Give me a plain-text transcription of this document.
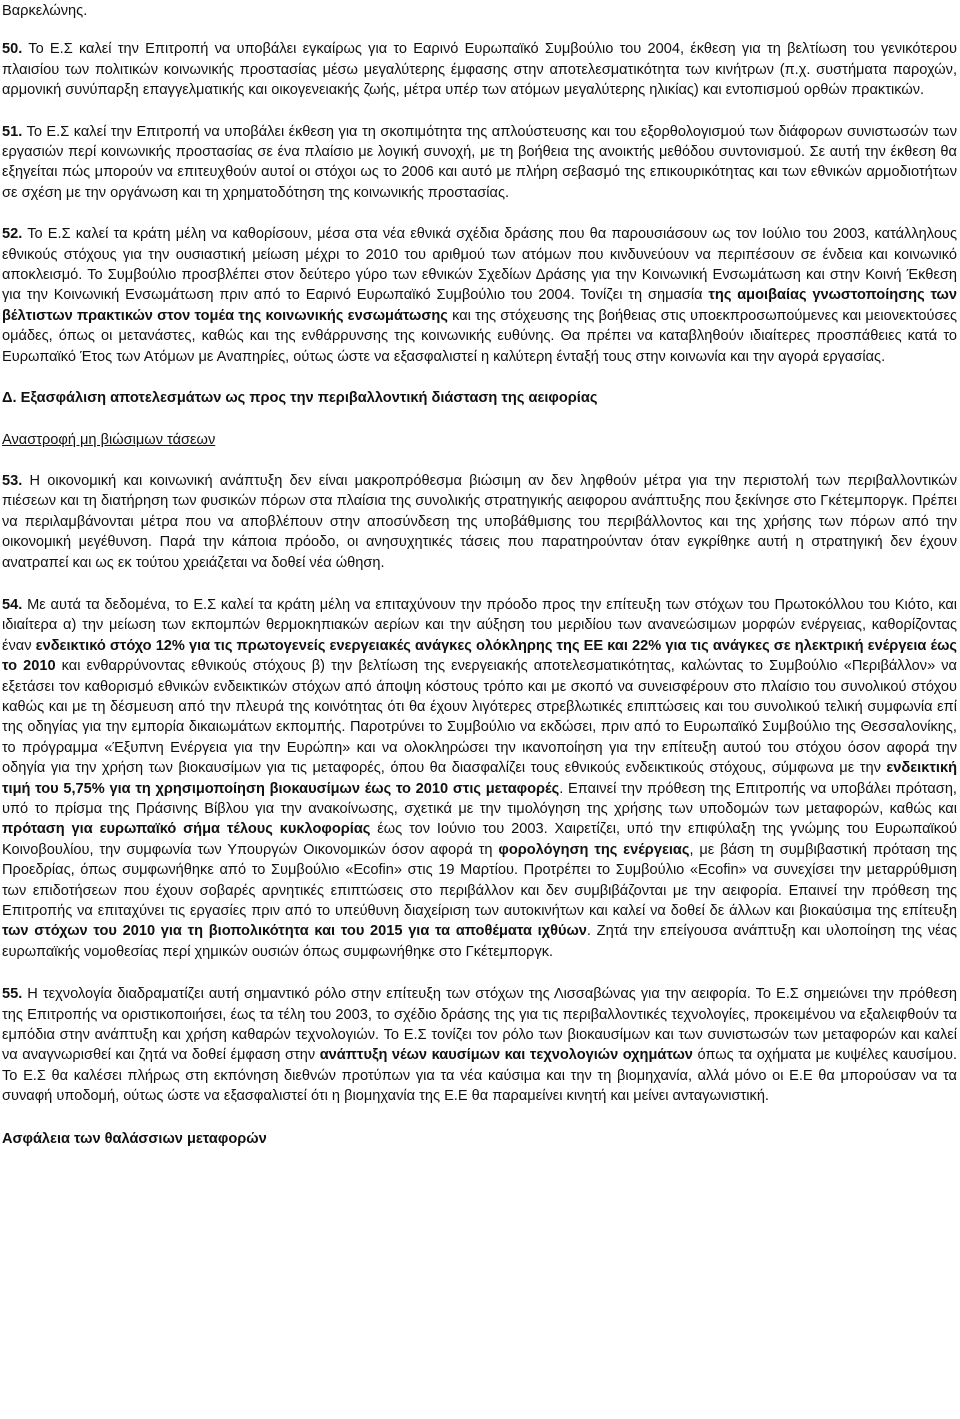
Βαρκελώνης.

50. Το Ε.Σ καλεί την Επιτροπή να υποβάλει εγκαίρως για το Εαρινό Ευρωπαϊκό Συμβούλιο του 2004, έκθεση για τη βελτίωση του γενικότερου πλαισίου των πολιτικών κοινωνικής προστασίας μέσω μεγαλύτερης έμφασης στην αποτελεσματικότητα των κινήτρων (π.χ. συστήματα παροχών, αρμονική συνύπαρξη επαγγελματικής και οικογενειακής ζωής, μέτρα υπέρ των ατόμων μεγαλύτερης ηλικίας) και εντοπισμού ορθών πρακτικών.

51. Το Ε.Σ καλεί την Επιτροπή να υποβάλει έκθεση για τη σκοπιμότητα της απλούστευσης και του εξορθολογισμού των διάφορων συνιστωσών των εργασιών περί κοινωνικής προστασίας σε ένα πλαίσιο με λογική συνοχή, με τη βοήθεια της ανοικτής μεθόδου συντονισμού. Σε αυτή την έκθεση θα εξηγείται πώς μπορούν να επιτευχθούν αυτοί οι στόχοι ως το 2006 και αυτό με πλήρη σεβασμό της επικουρικότητας και των εθνικών αρμοδιοτήτων σε σχέση με την οργάνωση και τη χρηματοδότηση της κοινωνικής προστασίας.

52. Το Ε.Σ καλεί τα κράτη μέλη να καθορίσουν, μέσα στα νέα εθνικά σχέδια δράσης που θα παρουσιάσουν ως τον Ιούλιο του 2003, κατάλληλους εθνικούς στόχους για την ουσιαστική μείωση μέχρι το 2010 του αριθμού των ατόμων που κινδυνεύουν να περιπέσουν σε ένδεια και κοινωνικό αποκλεισμό. Το Συμβούλιο προσβλέπει στον δεύτερο γύρο των εθνικών Σχεδίων Δράσης για την Κοινωνική Ενσωμάτωση και στην Κοινή Έκθεση για την Κοινωνική Ενσωμάτωση πριν από το Εαρινό Ευρωπαϊκό Συμβούλιο του 2004. Τονίζει τη σημασία της αμοιβαίας γνωστοποίησης των βέλτιστων πρακτικών στον τομέα της κοινωνικής ενσωμάτωσης και της στόχευσης της βοήθειας στις υποεκπροσωπούμενες και μειονεκτούσες ομάδες, όπως οι μετανάστες, καθώς και της ενθάρρυνσης της κοινωνικής ευθύνης. Θα πρέπει να καταβληθούν ιδιαίτερες προσπάθειες κατά το Ευρωπαϊκό Έτος των Ατόμων με Αναπηρίες, ούτως ώστε να εξασφαλιστεί η καλύτερη ένταξή τους στην κοινωνία και την αγορά εργασίας.

Δ. Εξασφάλιση αποτελεσμάτων ως προς την περιβαλλοντική διάσταση της αειφορίας

Αναστροφή μη βιώσιμων τάσεων

53. Η οικονομική και κοινωνική ανάπτυξη δεν είναι μακροπρόθεσμα βιώσιμη αν δεν ληφθούν μέτρα για την περιστολή των περιβαλλοντικών πιέσεων και τη διατήρηση των φυσικών πόρων στα πλαίσια της συνολικής στρατηγικής αειφορου ανάπτυξης που ξεκίνησε στο Γκέτεμποργκ. Πρέπει να περιλαμβάνονται μέτρα που να αποβλέπουν στην αποσύνδεση της υποβάθμισης του περιβάλλοντος και της χρήσης των πόρων από την οικονομική μεγέθυνση. Παρά την κάποια πρόοδο, οι ανησυχητικές τάσεις που παρατηρούνταν όταν εγκρίθηκε αυτή η στρατηγική δεν έχουν ανατραπεί και ως εκ τούτου χρειάζεται να δοθεί νέα ώθηση.

54. Με αυτά τα δεδομένα, το Ε.Σ καλεί τα κράτη μέλη να επιταχύνουν την πρόοδο προς την επίτευξη των στόχων του Πρωτοκόλλου του Κιότο, και ιδιαίτερα α) την μείωση των εκπομπών θερμοκηπιακών αερίων και την αύξηση του μεριδίου των ανανεώσιμων μορφών ενέργειας, καθορίζοντας έναν ενδεικτικό στόχο 12% για τις πρωτογενείς ενεργειακές ανάγκες ολόκληρης της ΕΕ και 22% για τις ανάγκες σε ηλεκτρική ενέργεια έως το 2010 και ενθαρρύνοντας εθνικούς στόχους β) την βελτίωση της ενεργειακής αποτελεσματικότητας, καλώντας το Συμβούλιο «Περιβάλλον» να εξετάσει τον καθορισμό εθνικών ενδεικτικών στόχων από άποψη κόστους τρόπο και με σκοπό να συνεισφέρουν στο πλαίσιο του συνολικού στόχου καθώς και με τη δέσμευση από την πλευρά της κοινότητας ότι θα έχουν λιγότερες στρεβλωτικές επιπτώσεις και του συνολικού τελική συμφωνία επί της οδηγίας για την εμπορία δικαιωμάτων εκπομπής. Παροτρύνει το Συμβούλιο να εκδώσει, πριν από το Ευρωπαϊκό Συμβούλιο της Θεσσαλονίκης, το πρόγραμμα «Έξυπνη Ενέργεια για την Ευρώπη» και να ολοκληρώσει την ικανοποίηση για την επίτευξη αυτού του στόχου όσον αφορά την οδηγία για την χρήση των βιοκαυσίμων για τις μεταφορές, όπου θα διασφαλίζει τους εθνικούς ενδεικτικούς στόχους, σύμφωνα με την ενδεικτική τιμή του 5,75% για τη χρησιμοποίηση βιοκαυσίμων έως το 2010 στις μεταφορές. Επαινεί την πρόθεση της Επιτροπής να υποβάλει πρόταση, υπό το πρίσμα της Πράσινης Βίβλου για την ανακοίνωσης, σχετικά με την τιμολόγηση της χρήσης των υποδομών των μεταφορών, καθώς και πρόταση για ευρωπαϊκό σήμα τέλους κυκλοφορίας έως τον Ιούνιο του 2003. Χαιρετίζει, υπό την επιφύλαξη της γνώμης του Ευρωπαϊκού Κοινοβουλίου, την συμφωνία των Υπουργών Οικονομικών όσον αφορά τη φορολόγηση της ενέργειας, με βάση τη συμβιβαστική πρόταση της Προεδρίας, όπως συμφωνήθηκε από το Συμβούλιο «Ecofin» στις 19 Μαρτίου. Προτρέπει το Συμβούλιο «Ecofin» να συνεχίσει την μεταρρύθμιση των επιδοτήσεων που έχουν σοβαρές αρνητικές επιπτώσεις στο περιβάλλον και δεν συμβιβάζονται με την αειφορία. Επαινεί την πρόθεση της Επιτροπής να επιταχύνει τις εργασίες πριν από το υπεύθυνη διαχείριση των αυτοκινήτων και καλεί να δοθεί δε άλλων και βιοκαύσιμα της επίτευξη των στόχων του 2010 για τη βιοπολικότητα και του 2015 για τα αποθέματα ιχθύων. Ζητά την επείγουσα ανάπτυξη και υλοποίηση της νέας ευρωπαϊκής νομοθεσίας περί χημικών ουσιών όπως συμφωνήθηκε στο Γκέτεμποργκ.

55. Η τεχνολογία διαδραματίζει αυτή σημαντικό ρόλο στην επίτευξη των στόχων της Λισσαβώνας για την αειφορία. Το Ε.Σ σημειώνει την πρόθεση της Επιτροπής να οριστικοποιήσει, έως τα τέλη του 2003, το σχέδιο δράσης της για τις περιβαλλοντικές τεχνολογίες, προκειμένου να εξαλειφθούν τα εμπόδια στην ανάπτυξη και χρήση καθαρών τεχνολογιών. Το Ε.Σ τονίζει τον ρόλο των βιοκαυσίμων και των συνιστωσών των μεταφορών και καλεί να αναγνωρισθεί και ζητά να δοθεί έμφαση στην ανάπτυξη νέων καυσίμων και τεχνολογιών οχημάτων όπως τα οχήματα με κυψέλες καυσίμου. Το Ε.Σ θα καλέσει πλήρως στη εκπόνηση διεθνών προτύπων για τα νέα καύσιμα και την τη βιομηχανία, αλλά μόνο οι Ε.Ε θα μπορούσαν να τα συναφή υποδομή, ούτως ώστε να εξασφαλιστεί ότι η βιομηχανία της Ε.Ε θα παραμείνει κινητή και μείνει ανταγωνιστική.

Ασφάλεια των θαλάσσιων μεταφορών
